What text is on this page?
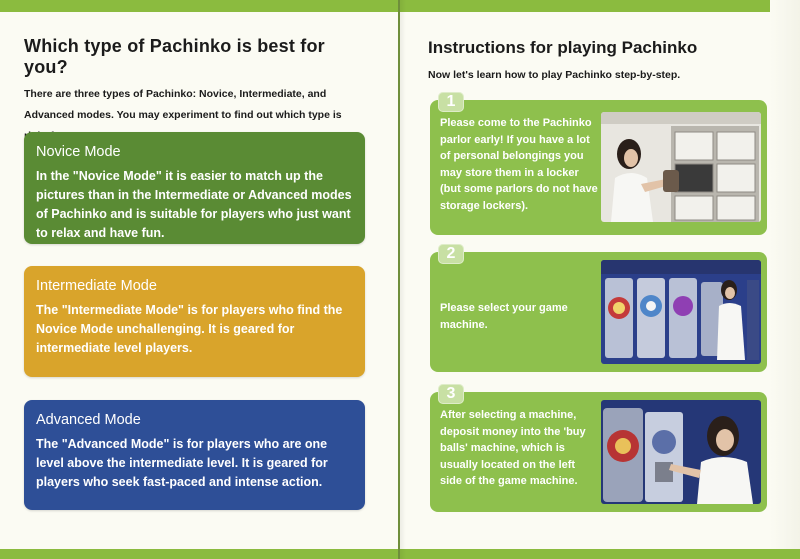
Which type of Pachinko is best for you?
There are three types of Pachinko: Novice, Intermediate, and Advanced modes. You may experiment to find out which type is
Novice Mode
In the "Novice Mode" it is easier to match up the pictures than in the Intermediate or Advanced modes of Pachinko and is suitable for players who just want to relax and have fun.
Intermediate Mode
The "Intermediate Mode" is for players who find the Novice Mode unchallenging. It is geared for intermediate level players.
Advanced Mode
The "Advanced Mode" is for players who are one level above the intermediate level. It is geared for players who seek fast-paced and intense action.
Instructions for playing Pachinko
Now let's learn how to play Pachinko step-by-step.
1
Please come to the Pachinko parlor early! If you have a lot of personal belongings you may store them in a locker (but some parlors do not have storage lockers).
2
Please select your game machine.
3
After selecting a machine, deposit money into the 'buy balls' machine, which is usually located on the left side of the game machine.
